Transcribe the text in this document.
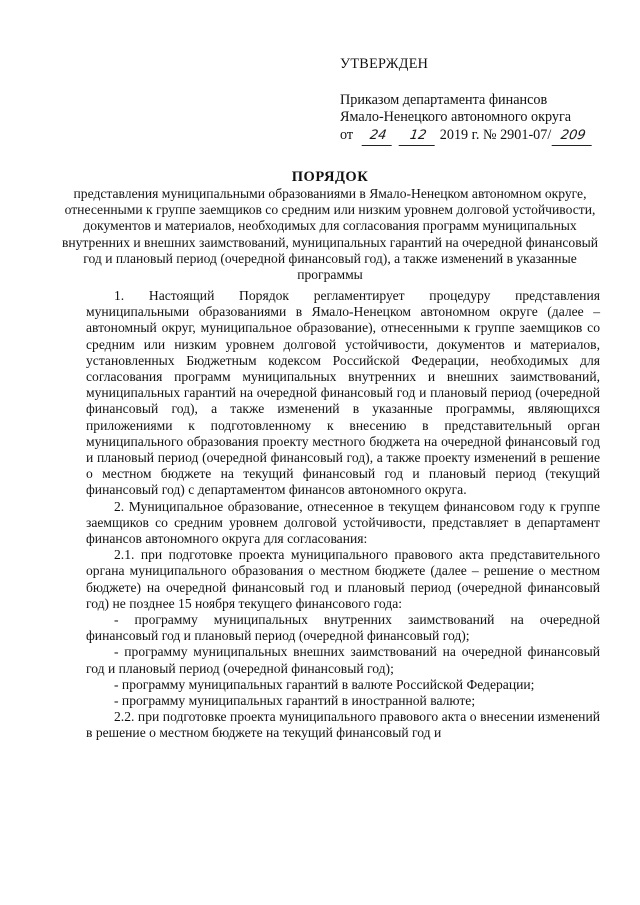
УТВЕРЖДЕН
Приказом департамента финансов
Ямало-Ненецкого автономного округа
от 24 12 2019 г. № 2901-07/ 209
ПОРЯДОК
представления муниципальными образованиями в Ямало-Ненецком автономном округе, отнесенными к группе заемщиков со средним или низким уровнем долговой устойчивости, документов и материалов, необходимых для согласования программ муниципальных внутренних и внешних заимствований, муниципальных гарантий на очередной финансовый год и плановый период (очередной финансовый год), а также изменений в указанные программы

1. Настоящий Порядок регламентирует процедуру представления муниципальными образованиями в Ямало-Ненецком автономном округе (далее – автономный округ, муниципальное образование), отнесенными к группе заемщиков со средним или низким уровнем долговой устойчивости, документов и материалов, установленных Бюджетным кодексом Российской Федерации, необходимых для согласования программ муниципальных внутренних и внешних заимствований, муниципальных гарантий на очередной финансовый год и плановый период (очередной финансовый год), а также изменений в указанные программы, являющихся приложениями к подготовленному к внесению в представительный орган муниципального образования проекту местного бюджета на очередной финансовый год и плановый период (очередной финансовый год), а также проекту изменений в решение о местном бюджете на текущий финансовый год и плановый период (текущий финансовый год) с департаментом финансов автономного округа.

2. Муниципальное образование, отнесенное в текущем финансовом году к группе заемщиков со средним уровнем долговой устойчивости, представляет в департамент финансов автономного округа для согласования:

2.1. при подготовке проекта муниципального правового акта представительного органа муниципального образования о местном бюджете (далее – решение о местном бюджете) на очередной финансовый год и плановый период (очередной финансовый год) не позднее 15 ноября текущего финансового года:

- программу муниципальных внутренних заимствований на очередной финансовый год и плановый период (очередной финансовый год);

- программу муниципальных внешних заимствований на очередной финансовый год и плановый период (очередной финансовый год);

- программу муниципальных гарантий в валюте Российской Федерации;

- программу муниципальных гарантий в иностранной валюте;

2.2. при подготовке проекта муниципального правового акта о внесении изменений в решение о местном бюджете на текущий финансовый год и
